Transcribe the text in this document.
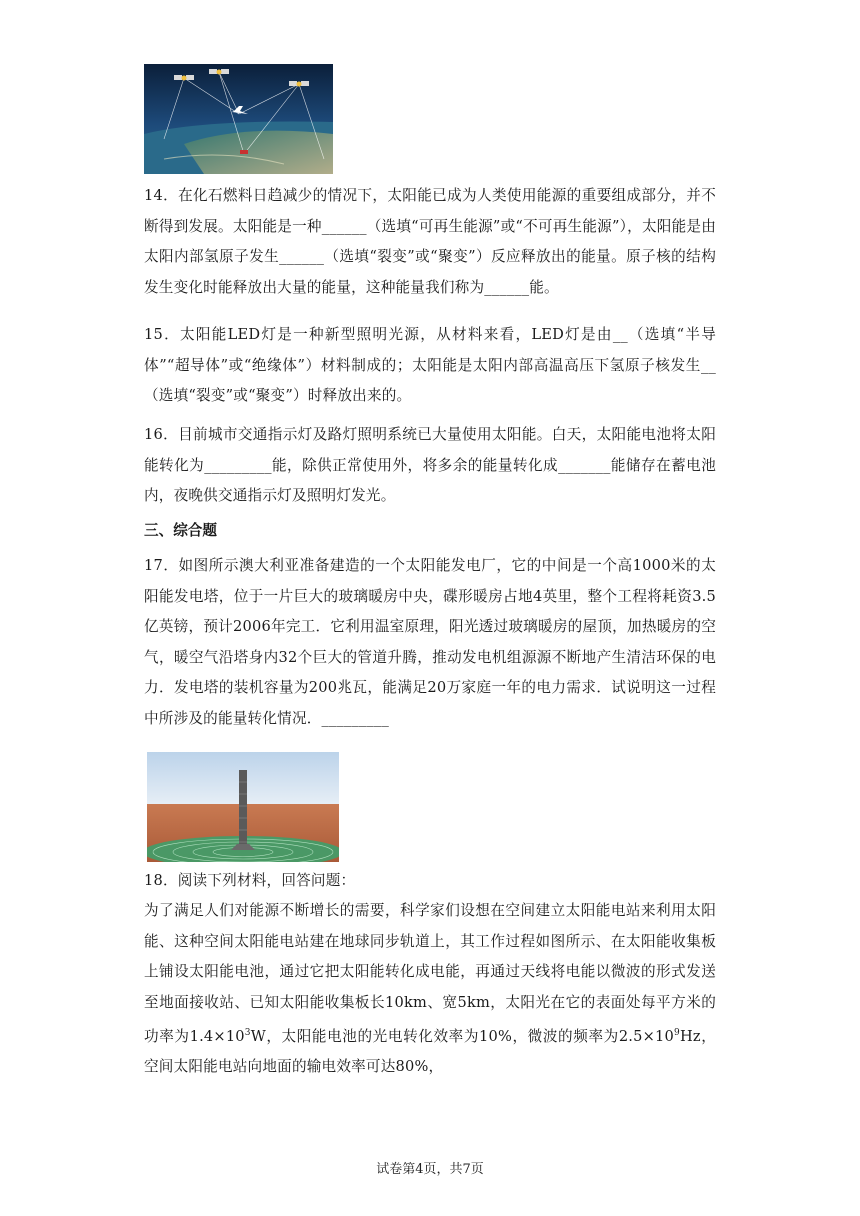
14．在化石燃料日趋减少的情况下，太阳能已成为人类使用能源的重要组成部分，并不断得到发展。太阳能是一种______（选填“可再生能源”或“不可再生能源”），太阳能是由太阳内部氢原子发生______（选填“裂变”或“聚变”）反应释放出的能量。原子核的结构发生变化时能释放出大量的能量，这种能量我们称为______能。

15．太阳能LED灯是一种新型照明光源，从材料来看，LED灯是由__（选填“半导体”“超导体”或“绝缘体”）材料制成的；太阳能是太阳内部高温高压下氢原子核发生__（选填“裂变”或“聚变”）时释放出来的。

16．目前城市交通指示灯及路灯照明系统已大量使用太阳能。白天，太阳能电池将太阳能转化为_________能，除供正常使用外，将多余的能量转化成_______能储存在蓄电池内，夜晚供交通指示灯及照明灯发光。

三、综合题

17．如图所示澳大利亚准备建造的一个太阳能发电厂，它的中间是一个高1000米的太阳能发电塔，位于一片巨大的玻璃暖房中央，碟形暖房占地4英里，整个工程将耗资3.5亿英镑，预计2006年完工．它利用温室原理，阳光透过玻璃暖房的屋顶，加热暖房的空气，暖空气沿塔身内32个巨大的管道升腾，推动发电机组源源不断地产生清洁环保的电力．发电塔的装机容量为200兆瓦，能满足20万家庭一年的电力需求．试说明这一过程中所涉及的能量转化情况．_________

18．阅读下列材料，回答问题：

为了满足人们对能源不断增长的需要，科学家们设想在空间建立太阳能电站来利用太阳能、这种空间太阳能电站建在地球同步轨道上，其工作过程如图所示、在太阳能收集板上铺设太阳能电池，通过它把太阳能转化成电能，再通过天线将电能以微波的形式发送至地面接收站、已知太阳能收集板长10km、宽5km，太阳光在它的表面处每平方米的功率为$1.4\times 10^3W$，太阳能电池的光电转化效率为10%，微波的频率为$2.5\times 10^9Hz$，空间太阳能电站向地面的输电效率可达80%，

试卷第4页，共7页
